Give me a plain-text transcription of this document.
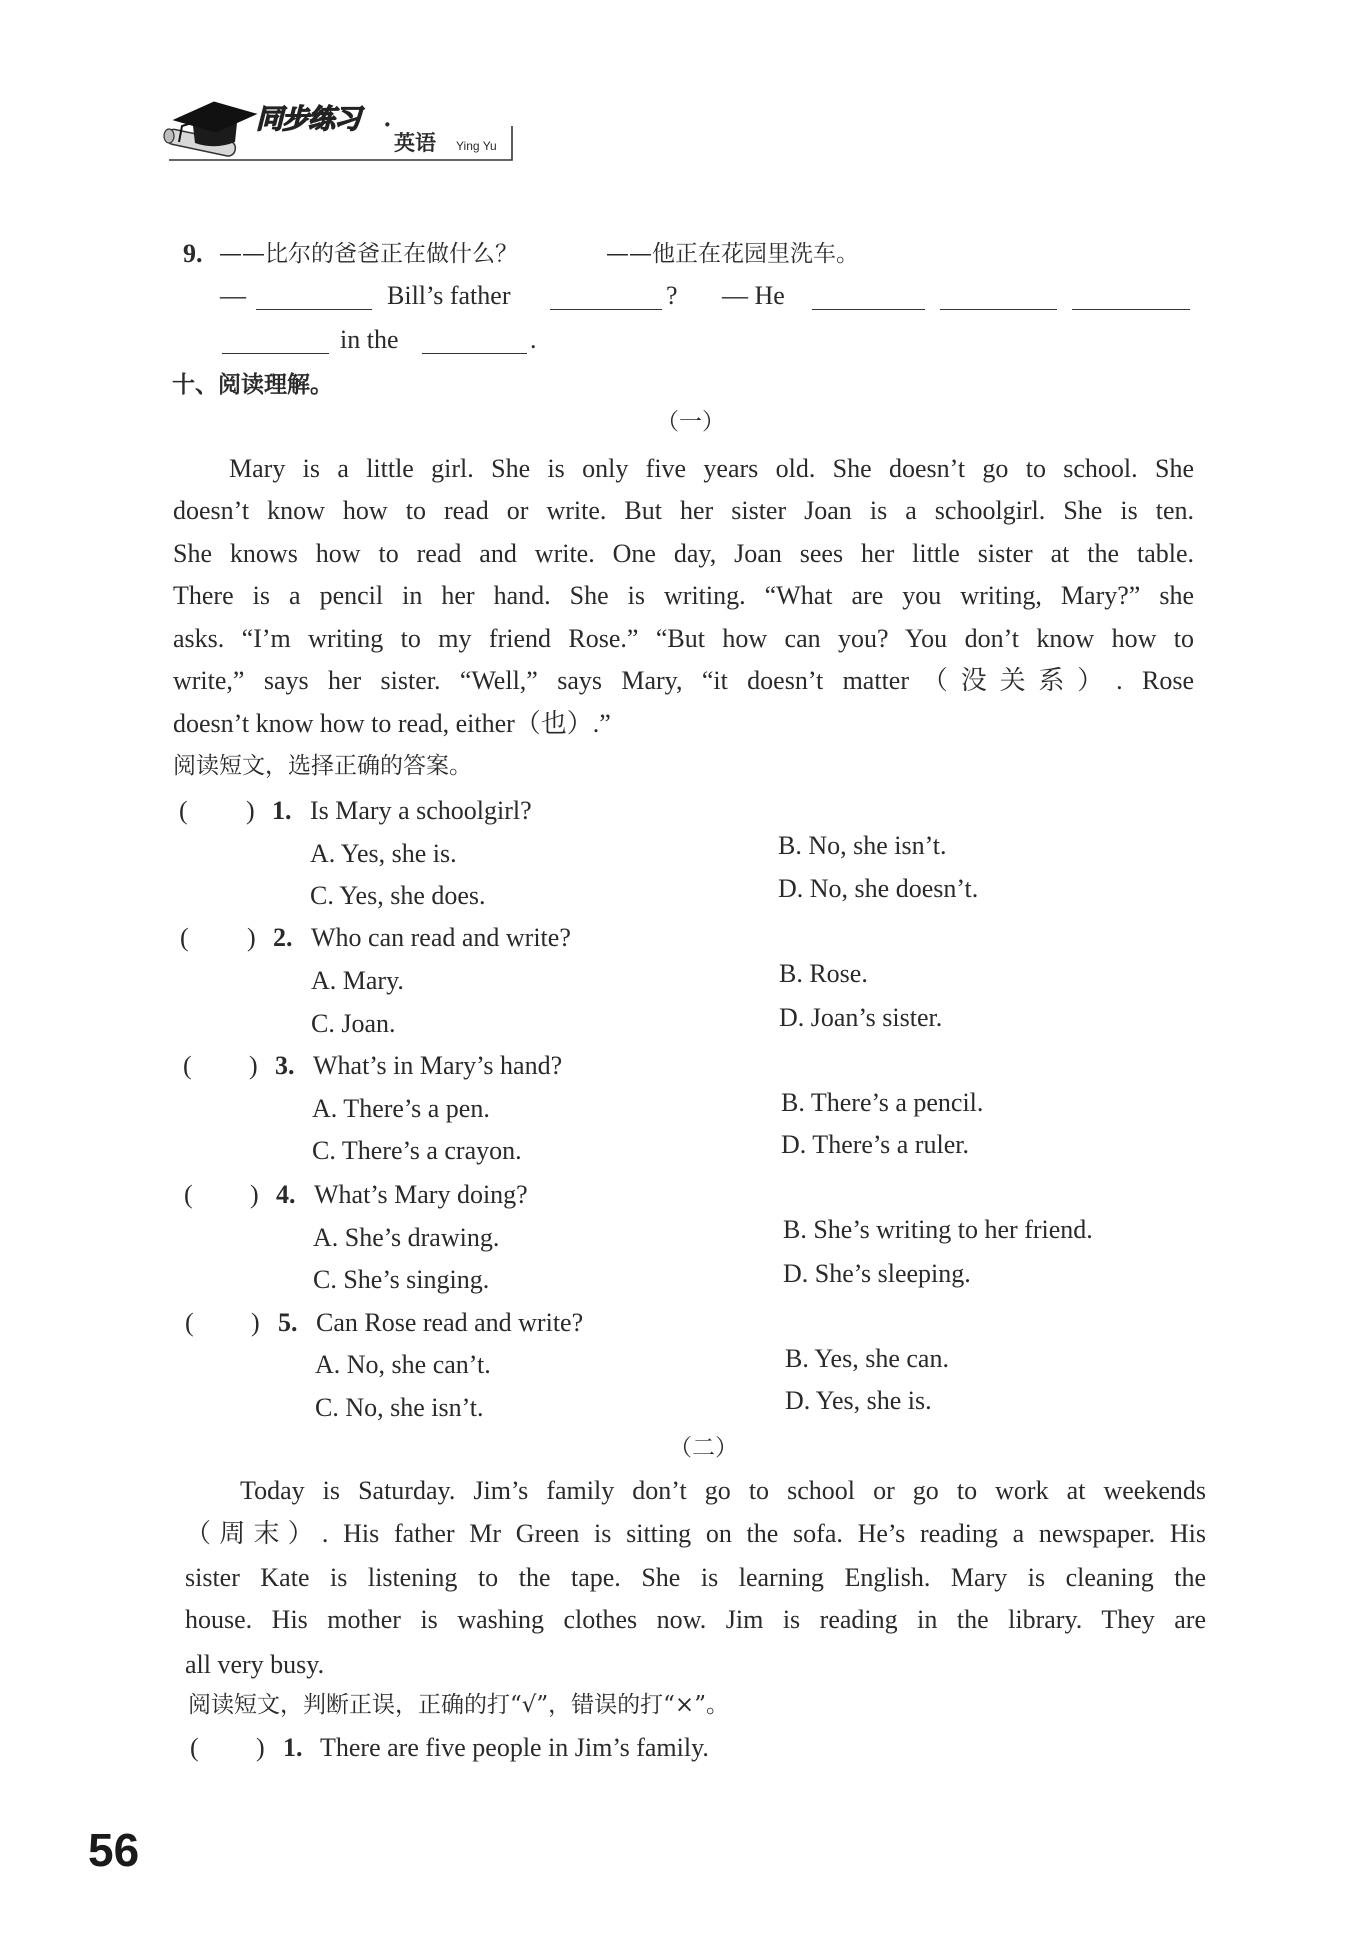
同步练习 ·
英语 Ying Yu
9. ——比尔的爸爸正在做什么？	——他正在花园里洗车。
—	Bill’s father	? — He
in the	.
十、阅读理解。
（一）
Mary is a little girl. She is only five years old. She doesn’t go to school. She
doesn’t know how to read or write. But her sister Joan is a schoolgirl. She is ten.
She knows how to read and write. One day, Joan sees her little sister at the table.
There is a pencil in her hand. She is writing. “What are you writing, Mary?” she
asks. “I’m writing to my friend Rose.” “But how can you? You don’t know how to
write,” says her sister. “Well,” says Mary, “it doesn’t matter（没关系）. Rose
doesn’t know how to read, either（也）.”
阅读短文，选择正确的答案。
( ) 1. Is Mary a schoolgirl?
A. Yes, she is.	B. No, she isn’t.
C. Yes, she does.	D. No, she doesn’t.
( ) 2. Who can read and write?
A. Mary.	B. Rose.
C. Joan.	D. Joan’s sister.
( ) 3. What’s in Mary’s hand?
A. There’s a pen.	B. There’s a pencil.
C. There’s a crayon.	D. There’s a ruler.
( ) 4. What’s Mary doing?
A. She’s drawing.	B. She’s writing to her friend.
C. She’s singing.	D. She’s sleeping.
( ) 5. Can Rose read and write?
A. No, she can’t.	B. Yes, she can.
C. No, she isn’t.	D. Yes, she is.
（二）
Today is Saturday. Jim’s family don’t go to school or go to work at weekends
（周末）. His father Mr Green is sitting on the sofa. He’s reading a newspaper. His
sister Kate is listening to the tape. She is learning English. Mary is cleaning the
house. His mother is washing clothes now. Jim is reading in the library. They are
all very busy.
阅读短文，判断正误，正确的打“√”，错误的打“×”。
( ) 1. There are five people in Jim’s family.
56
